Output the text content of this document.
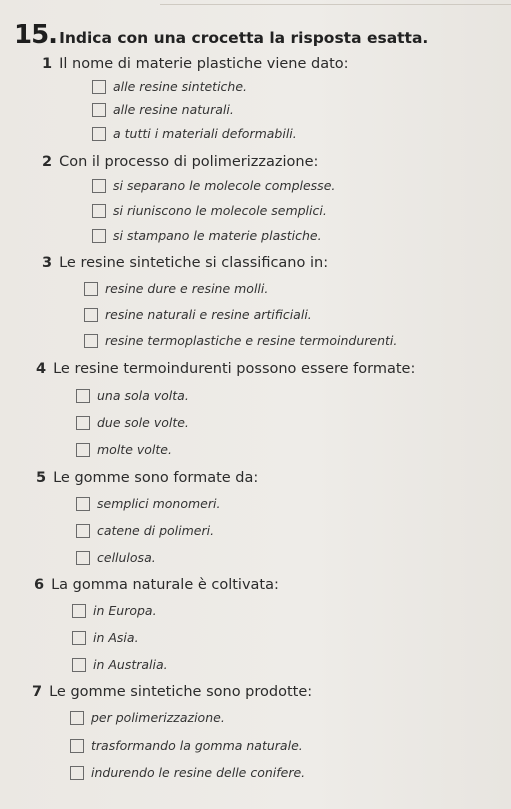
15. Indica con una crocetta la risposta esatta.
1 Il nome di materie plastiche viene dato:
alle resine sintetiche.
alle resine naturali.
a tutti i materiali deformabili.
2 Con il processo di polimerizzazione:
si separano le molecole complesse.
si riuniscono le molecole semplici.
si stampano le materie plastiche.
3 Le resine sintetiche si classificano in:
resine dure e resine molli.
resine naturali e resine artificiali.
resine termoplastiche e resine termoindurenti.
4 Le resine termoindurenti possono essere formate:
una sola volta.
due sole volte.
molte volte.
5 Le gomme sono formate da:
semplici monomeri.
catene di polimeri.
cellulosa.
6 La gomma naturale è coltivata:
in Europa.
in Asia.
in Australia.
7 Le gomme sintetiche sono prodotte:
per polimerizzazione.
trasformando la gomma naturale.
indurendo le resine delle conifere.
